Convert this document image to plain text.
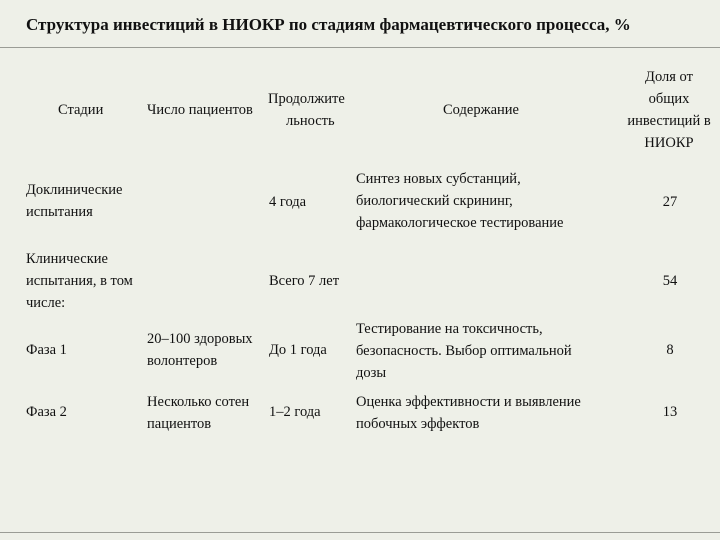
Структура инвестиций в НИОКР по стадиям фармацевтического процесса, %
Стадии	Число пациентов
Продолжите
льность
Содержание
Доля от
общих
инвестиций в
НИОКР
Доклинические
испытания
4 года
Синтез новых субстанций,
биологический скрининг,
фармакологическое тестирование
27
Клинические
испытания, в том
числе:
Всего 7 лет	54
Фаза 1
20–100 здоровых
волонтеров
До 1 года
Тестирование на токсичность,
безопасность. Выбор оптимальной
дозы
8
Фаза 2
Несколько сотен
пациентов
1–2 года
Оценка эффективности и выявление
побочных эффектов
13
